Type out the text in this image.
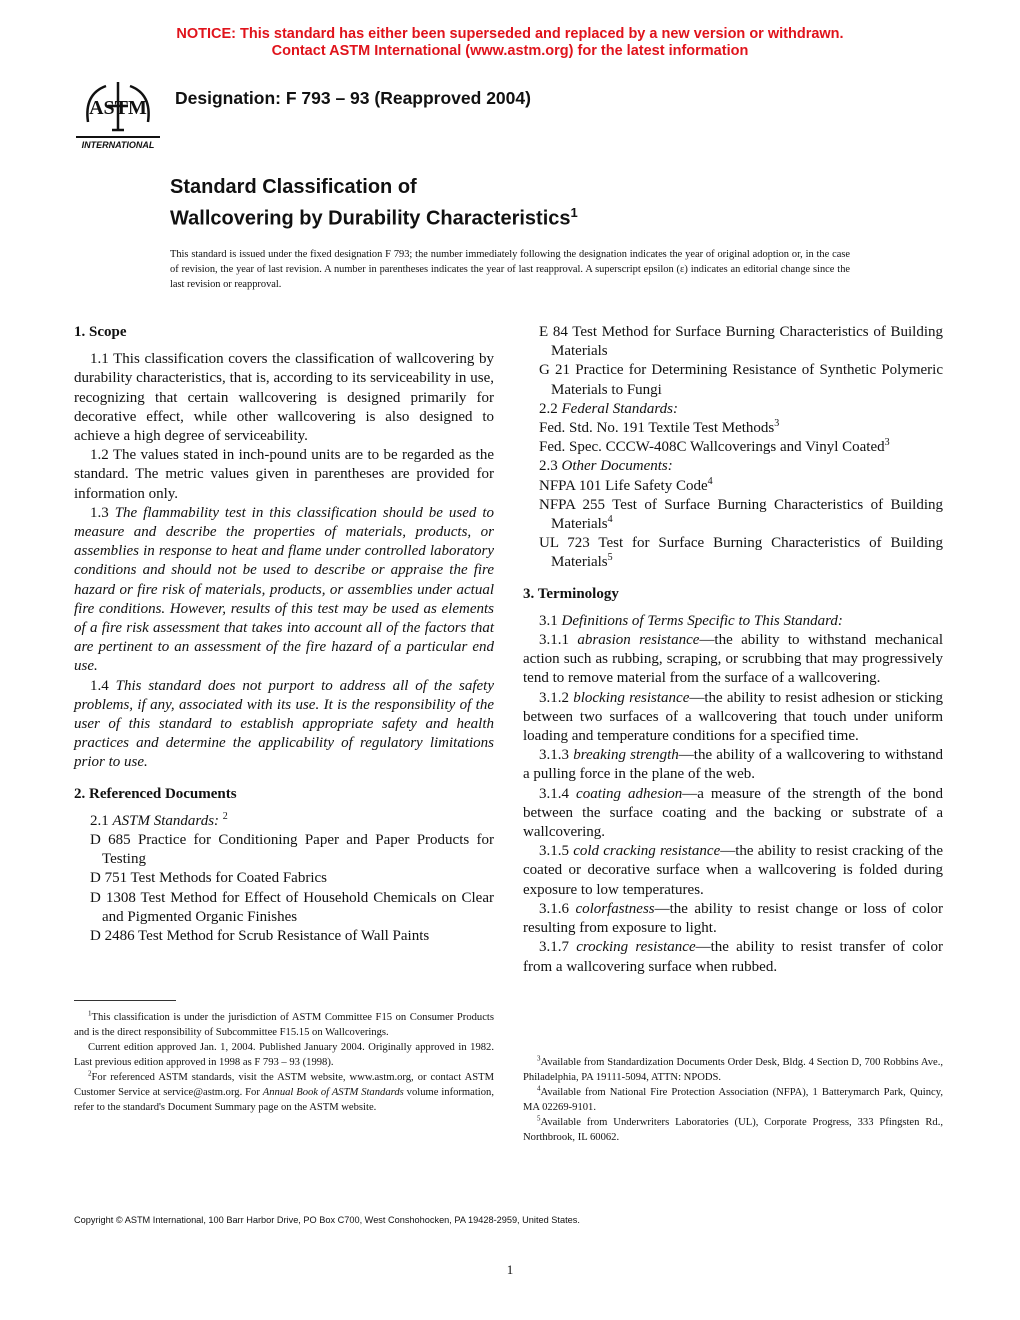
NOTICE: This standard has either been superseded and replaced by a new version or withdrawn.
Contact ASTM International (www.astm.org) for the latest information
ASTM
INTERNATIONAL
Designation: F 793 – 93 (Reapproved 2004)
Standard Classification of
Wallcovering by Durability Characteristics$^1$
This standard is issued under the fixed designation F 793; the number immediately following the designation indicates the year of original adoption or, in the case of revision, the year of last revision. A number in parentheses indicates the year of last reapproval. A superscript epsilon (ε) indicates an editorial change since the last revision or reapproval.
1. Scope

1.1 This classification covers the classification of wallcovering by durability characteristics, that is, according to its serviceability in use, recognizing that certain wallcovering is designed primarily for decorative effect, while other wallcovering is also designed to achieve a high degree of serviceability.

1.2 The values stated in inch-pound units are to be regarded as the standard. The metric values given in parentheses are provided for information only.

1.3 The flammability test in this classification should be used to measure and describe the properties of materials, products, or assemblies in response to heat and flame under controlled laboratory conditions and should not be used to describe or appraise the fire hazard or fire risk of materials, products, or assemblies under actual fire conditions. However, results of this test may be used as elements of a fire risk assessment that takes into account all of the factors that are pertinent to an assessment of the fire hazard of a particular end use.

1.4 This standard does not purport to address all of the safety problems, if any, associated with its use. It is the responsibility of the user of this standard to establish appropriate safety and health practices and determine the applicability of regulatory limitations prior to use.

2. Referenced Documents

2.1 ASTM Standards: $^2$

D 685 Practice for Conditioning Paper and Paper Products for Testing

D 751 Test Methods for Coated Fabrics

D 1308 Test Method for Effect of Household Chemicals on Clear and Pigmented Organic Finishes

D 2486 Test Method for Scrub Resistance of Wall Paints

E 84 Test Method for Surface Burning Characteristics of Building Materials

G 21 Practice for Determining Resistance of Synthetic Polymeric Materials to Fungi

2.2 Federal Standards:

Fed. Std. No. 191 Textile Test Methods$^3$

Fed. Spec. CCCW-408C Wallcoverings and Vinyl Coated$^3$

2.3 Other Documents:

NFPA 101 Life Safety Code$^4$

NFPA 255 Test of Surface Burning Characteristics of Building Materials$^4$

UL 723 Test for Surface Burning Characteristics of Building Materials$^5$

3. Terminology

3.1 Definitions of Terms Specific to This Standard:

3.1.1 abrasion resistance—the ability to withstand mechanical action such as rubbing, scraping, or scrubbing that may progressively tend to remove material from the surface of a wallcovering.

3.1.2 blocking resistance—the ability to resist adhesion or sticking between two surfaces of a wallcovering that touch under uniform loading and temperature conditions for a specified time.

3.1.3 breaking strength—the ability of a wallcovering to withstand a pulling force in the plane of the web.

3.1.4 coating adhesion—a measure of the strength of the bond between the surface coating and the backing or substrate of a wallcovering.

3.1.5 cold cracking resistance—the ability to resist cracking of the coated or decorative surface when a wallcovering is folded during exposure to low temperatures.

3.1.6 colorfastness—the ability to resist change or loss of color resulting from exposure to light.

3.1.7 crocking resistance—the ability to resist transfer of color from a wallcovering surface when rubbed.

$^1$This classification is under the jurisdiction of ASTM Committee F15 on Consumer Products and is the direct responsibility of Subcommittee F15.15 on Wallcoverings.

Current edition approved Jan. 1, 2004. Published January 2004. Originally approved in 1982. Last previous edition approved in 1998 as F 793 – 93 (1998).

$^2$For referenced ASTM standards, visit the ASTM website, www.astm.org, or contact ASTM Customer Service at service@astm.org. For Annual Book of ASTM Standards volume information, refer to the standard's Document Summary page on the ASTM website.

$^3$Available from Standardization Documents Order Desk, Bldg. 4 Section D, 700 Robbins Ave., Philadelphia, PA 19111-5094, ATTN: NPODS.

$^4$Available from National Fire Protection Association (NFPA), 1 Batterymarch Park, Quincy, MA 02269-9101.

$^5$Available from Underwriters Laboratories (UL), Corporate Progress, 333 Pfingsten Rd., Northbrook, IL 60062.

Copyright © ASTM International, 100 Barr Harbor Drive, PO Box C700, West Conshohocken, PA 19428-2959, United States.
1
